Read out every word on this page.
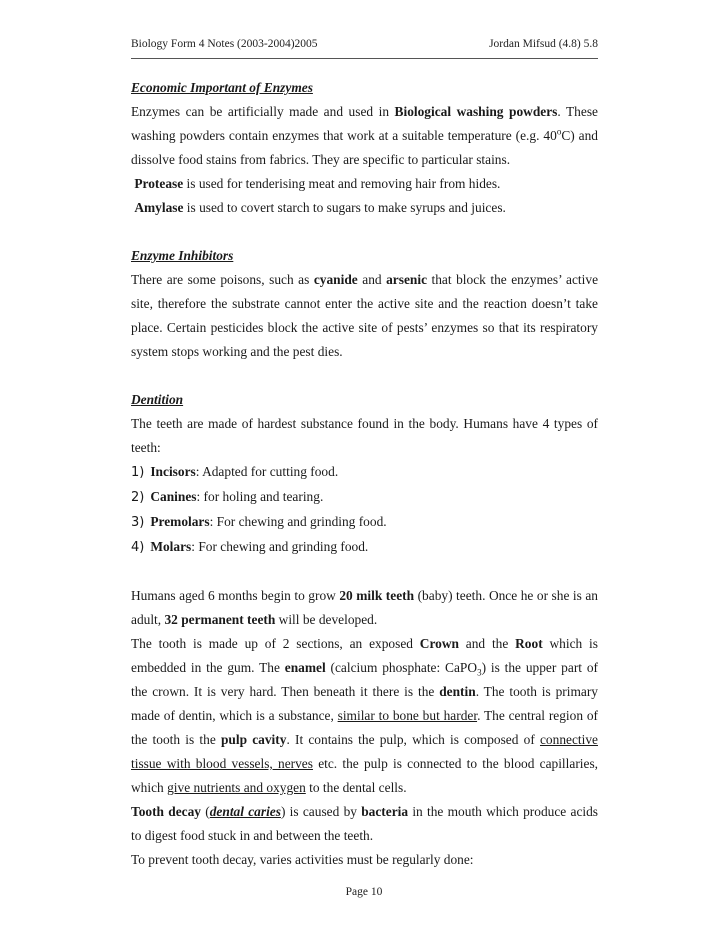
Biology Form 4 Notes (2003-2004)2005	Jordan Mifsud (4.8) 5.8

Economic Important of Enzymes

Enzymes can be artificially made and used in Biological washing powders. These washing powders contain enzymes that work at a suitable temperature (e.g. 40$^o$C) and dissolve food stains from fabrics. They are specific to particular stains.

Protease is used for tenderising meat and removing hair from hides.

Amylase is used to covert starch to sugars to make syrups and juices.

Enzyme Inhibitors

There are some poisons, such as cyanide and arsenic that block the enzymes’ active site, therefore the substrate cannot enter the active site and the reaction doesn’t take place. Certain pesticides block the active site of pests’ enzymes so that its respiratory system stops working and the pest dies.

Dentition

The teeth are made of hardest substance found in the body. Humans have 4 types of teeth:

1) Incisors: Adapted for cutting food.
2) Canines: for holing and tearing.
3) Premolars: For chewing and grinding food.
4) Molars: For chewing and grinding food.

Humans aged 6 months begin to grow 20 milk teeth (baby) teeth. Once he or she is an adult, 32 permanent teeth will be developed.

The tooth is made up of 2 sections, an exposed Crown and the Root which is embedded in the gum. The enamel (calcium phosphate: CaPO$_3$) is the upper part of the crown. It is very hard. Then beneath it there is the dentin. The tooth is primary made of dentin, which is a substance, similar to bone but harder. The central region of the tooth is the pulp cavity. It contains the pulp, which is composed of connective tissue with blood vessels, nerves etc. the pulp is connected to the blood capillaries, which give nutrients and oxygen to the dental cells.

Tooth decay (dental caries) is caused by bacteria in the mouth which produce acids to digest food stuck in and between the teeth.

To prevent tooth decay, varies activities must be regularly done:

Page 10
